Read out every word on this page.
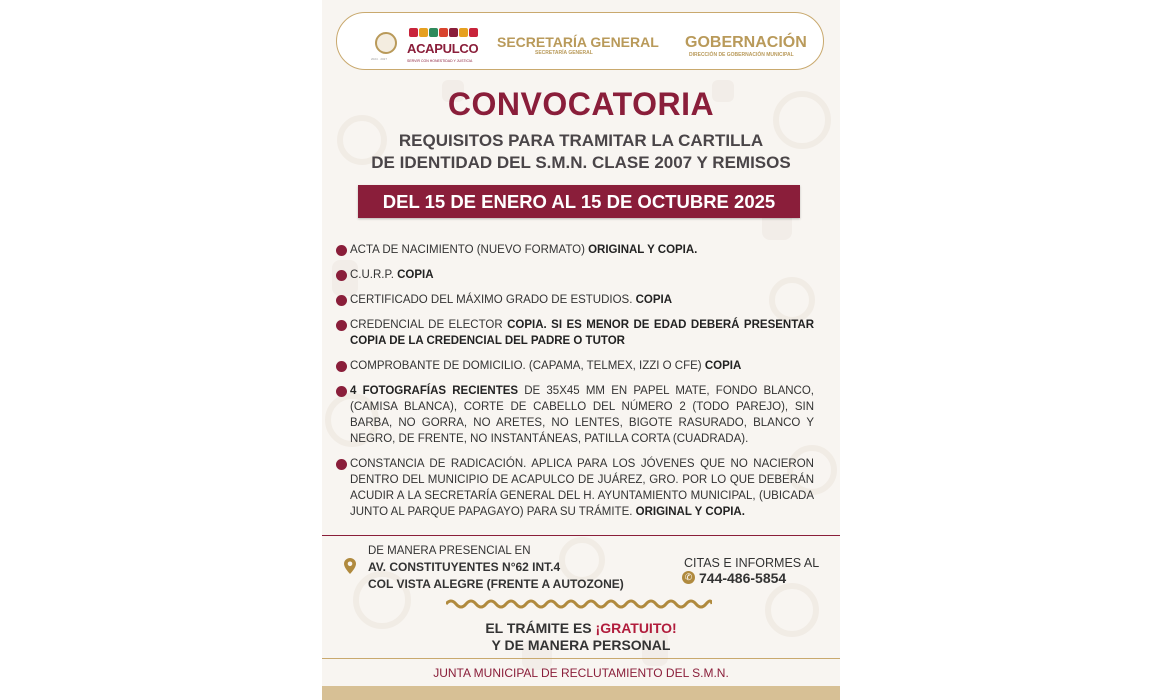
2024 · 2027
ACAPULCO
SERVIR CON HONESTIDAD Y JUSTICIA
SECRETARÍA GENERAL
SECRETARÍA GENERAL
GOBERNACIÓN
DIRECCIÓN DE GOBERNACIÓN MUNICIPAL
CONVOCATORIA
REQUISITOS PARA TRAMITAR LA CARTILLA
DE IDENTIDAD DEL S.M.N. CLASE 2007 Y REMISOS
DEL 15 DE ENERO AL 15 DE OCTUBRE 2025
ACTA DE NACIMIENTO (NUEVO FORMATO) ORIGINAL Y COPIA.
C.U.R.P. COPIA
CERTIFICADO DEL MÁXIMO GRADO DE ESTUDIOS. COPIA
CREDENCIAL DE ELECTOR COPIA. SI ES MENOR DE EDAD DEBERÁ PRESENTAR COPIA DE LA CREDENCIAL DEL PADRE O TUTOR
COMPROBANTE DE DOMICILIO. (CAPAMA, TELMEX, IZZI O CFE) COPIA
4 FOTOGRAFÍAS RECIENTES DE 35X45 MM EN PAPEL MATE, FONDO BLANCO, (CAMISA BLANCA), CORTE DE CABELLO DEL NÚMERO 2 (TODO PAREJO), SIN BARBA, NO GORRA, NO ARETES, NO LENTES, BIGOTE RASURADO, BLANCO Y NEGRO, DE FRENTE, NO INSTANTÁNEAS, PATILLA CORTA (CUADRADA).
CONSTANCIA DE RADICACIÓN. APLICA PARA LOS JÓVENES QUE NO NACIERON DENTRO DEL MUNICIPIO DE ACAPULCO DE JUÁREZ, GRO. POR LO QUE DEBERÁN ACUDIR A LA SECRETARÍA GENERAL DEL H. AYUNTAMIENTO MUNICIPAL, (UBICADA JUNTO AL PARQUE PAPAGAYO) PARA SU TRÁMITE. ORIGINAL Y COPIA.
DE MANERA PRESENCIAL EN
AV. CONSTITUYENTES N°62 INT.4
COL VISTA ALEGRE (FRENTE A AUTOZONE)
CITAS E INFORMES AL
✆ 744-486-5854
EL TRÁMITE ES ¡GRATUITO!
Y DE MANERA PERSONAL
JUNTA MUNICIPAL DE RECLUTAMIENTO DEL S.M.N.
